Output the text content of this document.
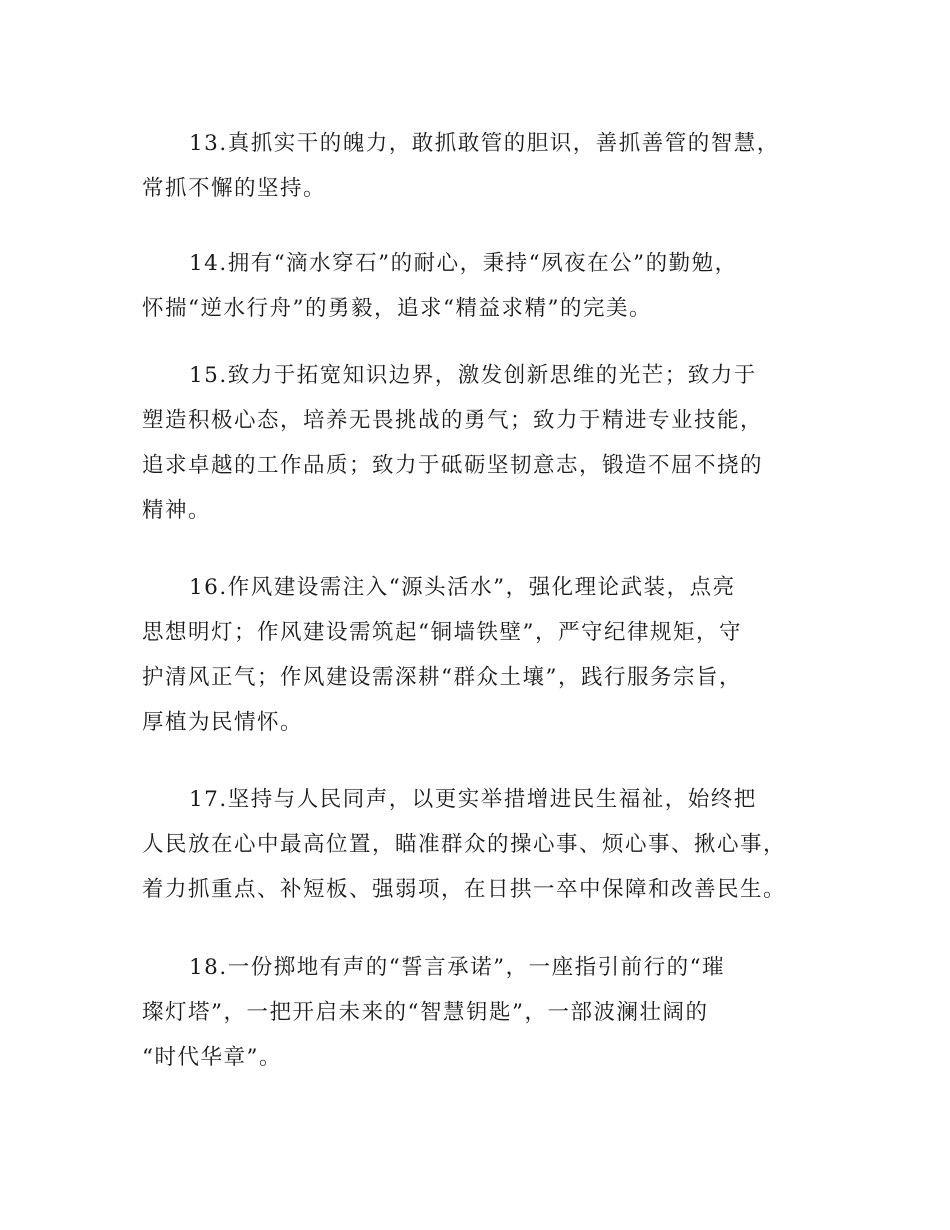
13.真抓实干的魄力，敢抓敢管的胆识，善抓善管的智慧，
常抓不懈的坚持。

14.拥有“滴水穿石”的耐心，秉持“夙夜在公”的勤勉，
怀揣“逆水行舟”的勇毅，追求“精益求精”的完美。

15.致力于拓宽知识边界，激发创新思维的光芒；致力于
塑造积极心态，培养无畏挑战的勇气；致力于精进专业技能，
追求卓越的工作品质；致力于砥砺坚韧意志，锻造不屈不挠的
精神。

16.作风建设需注入“源头活水”，强化理论武装，点亮
思想明灯；作风建设需筑起“铜墙铁壁”，严守纪律规矩，守
护清风正气；作风建设需深耕“群众土壤”，践行服务宗旨，
厚植为民情怀。

17.坚持与人民同声，以更实举措增进民生福祉，始终把
人民放在心中最高位置，瞄准群众的操心事、烦心事、揪心事，
着力抓重点、补短板、强弱项，在日拱一卒中保障和改善民生。

18.一份掷地有声的“誓言承诺”，一座指引前行的“璀
璨灯塔”，一把开启未来的“智慧钥匙”，一部波澜壮阔的
“时代华章”。
